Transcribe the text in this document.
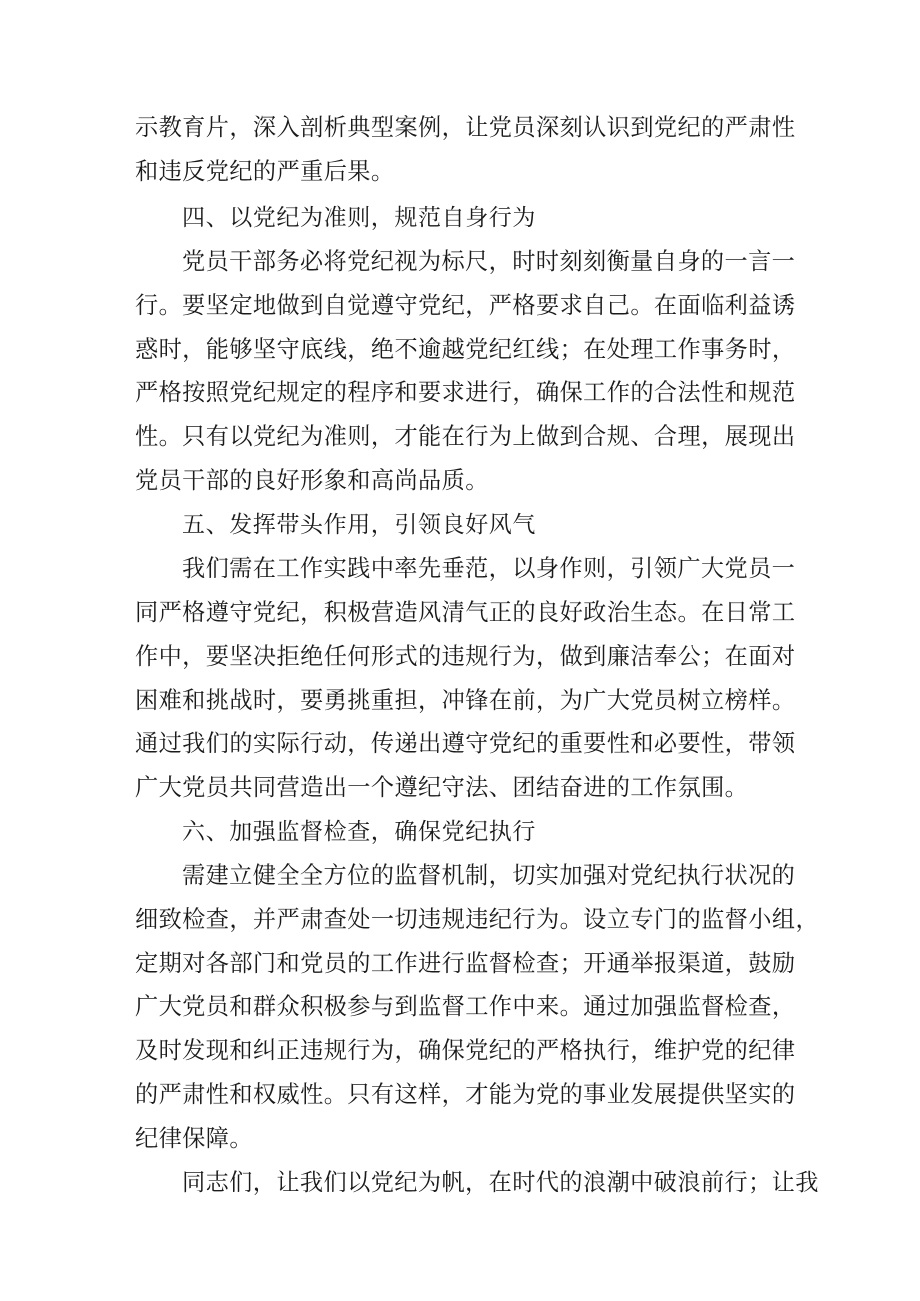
示教育片，深入剖析典型案例，让党员深刻认识到党纪的严肃性
和违反党纪的严重后果。
四、以党纪为准则，规范自身行为
党员干部务必将党纪视为标尺，时时刻刻衡量自身的一言一
行。要坚定地做到自觉遵守党纪，严格要求自己。在面临利益诱
惑时，能够坚守底线，绝不逾越党纪红线；在处理工作事务时，
严格按照党纪规定的程序和要求进行，确保工作的合法性和规范
性。只有以党纪为准则，才能在行为上做到合规、合理，展现出
党员干部的良好形象和高尚品质。
五、发挥带头作用，引领良好风气
我们需在工作实践中率先垂范，以身作则，引领广大党员一
同严格遵守党纪，积极营造风清气正的良好政治生态。在日常工
作中，要坚决拒绝任何形式的违规行为，做到廉洁奉公；在面对
困难和挑战时，要勇挑重担，冲锋在前，为广大党员树立榜样。
通过我们的实际行动，传递出遵守党纪的重要性和必要性，带领
广大党员共同营造出一个遵纪守法、团结奋进的工作氛围。
六、加强监督检查，确保党纪执行
需建立健全全方位的监督机制，切实加强对党纪执行状况的
细致检查，并严肃查处一切违规违纪行为。设立专门的监督小组，
定期对各部门和党员的工作进行监督检查；开通举报渠道，鼓励
广大党员和群众积极参与到监督工作中来。通过加强监督检查，
及时发现和纠正违规行为，确保党纪的严格执行，维护党的纪律
的严肃性和权威性。只有这样，才能为党的事业发展提供坚实的
纪律保障。
同志们，让我们以党纪为帆，在时代的浪潮中破浪前行；让我
